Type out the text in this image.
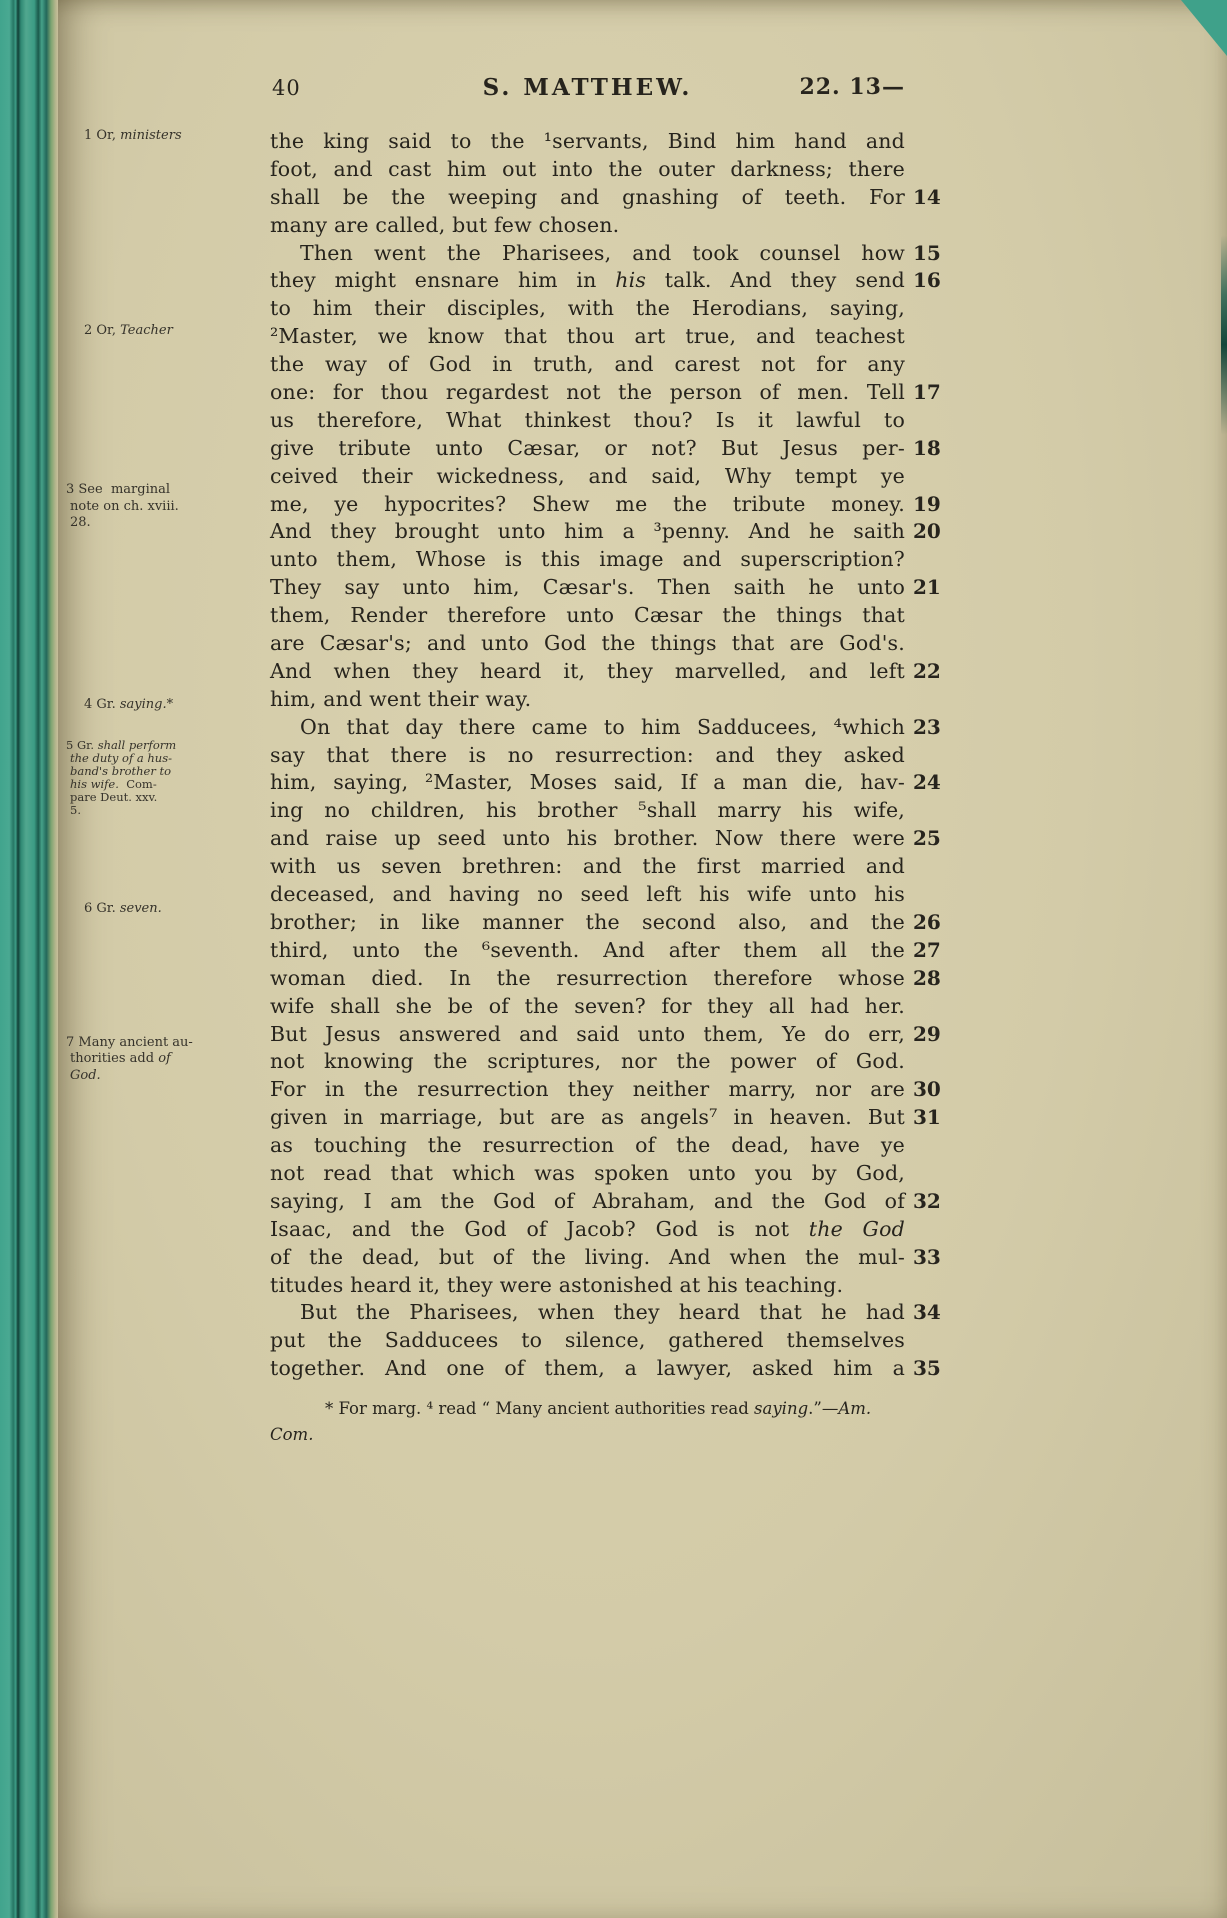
40	S. MATTHEW.	22. 13—
1 Or, ministers
2 Or, Teacher
3 See  marginal
note on ch. xviii.
28.
4 Gr. saying.*
5 Gr. shall perform
the duty of a hus-
band's brother to
his wife.  Com-
pare Deut. xxv.
5.
6 Gr. seven.
7 Many ancient au-
thorities add of
God.
the king said to the ¹servants, Bind him hand and
foot, and cast him out into the outer darkness; there
shall be the weeping and gnashing of teeth. For 14
many are called, but few chosen.
Then went the Pharisees, and took counsel how 15
they might ensnare him in his talk. And they send 16
to him their disciples, with the Herodians, saying,
²Master, we know that thou art true, and teachest
the way of God in truth, and carest not for any
one: for thou regardest not the person of men. Tell 17
us therefore, What thinkest thou? Is it lawful to
give tribute unto Cæsar, or not? But Jesus per- 18
ceived their wickedness, and said, Why tempt ye
me, ye hypocrites? Shew me the tribute money. 19
And they brought unto him a ³penny. And he saith 20
unto them, Whose is this image and superscription?
They say unto him, Cæsar's. Then saith he unto 21
them, Render therefore unto Cæsar the things that
are Cæsar's; and unto God the things that are God's.
And when they heard it, they marvelled, and left 22
him, and went their way.
On that day there came to him Sadducees, ⁴which 23
say that there is no resurrection: and they asked
him, saying, ²Master, Moses said, If a man die, hav- 24
ing no children, his brother ⁵shall marry his wife,
and raise up seed unto his brother. Now there were 25
with us seven brethren: and the first married and
deceased, and having no seed left his wife unto his
brother; in like manner the second also, and the 26
third, unto the ⁶seventh. And after them all the 27
woman died. In the resurrection therefore whose 28
wife shall she be of the seven? for they all had her.
But Jesus answered and said unto them, Ye do err, 29
not knowing the scriptures, nor the power of God.
For in the resurrection they neither marry, nor are 30
given in marriage, but are as angels⁷ in heaven. But 31
as touching the resurrection of the dead, have ye
not read that which was spoken unto you by God,
saying, I am the God of Abraham, and the God of 32
Isaac, and the God of Jacob? God is not the God
of the dead, but of the living. And when the mul- 33
titudes heard it, they were astonished at his teaching.
But the Pharisees, when they heard that he had 34
put the Sadducees to silence, gathered themselves
together. And one of them, a lawyer, asked him a 35
* For marg. ⁴ read “ Many ancient authorities read saying.”—Am.
Com.
